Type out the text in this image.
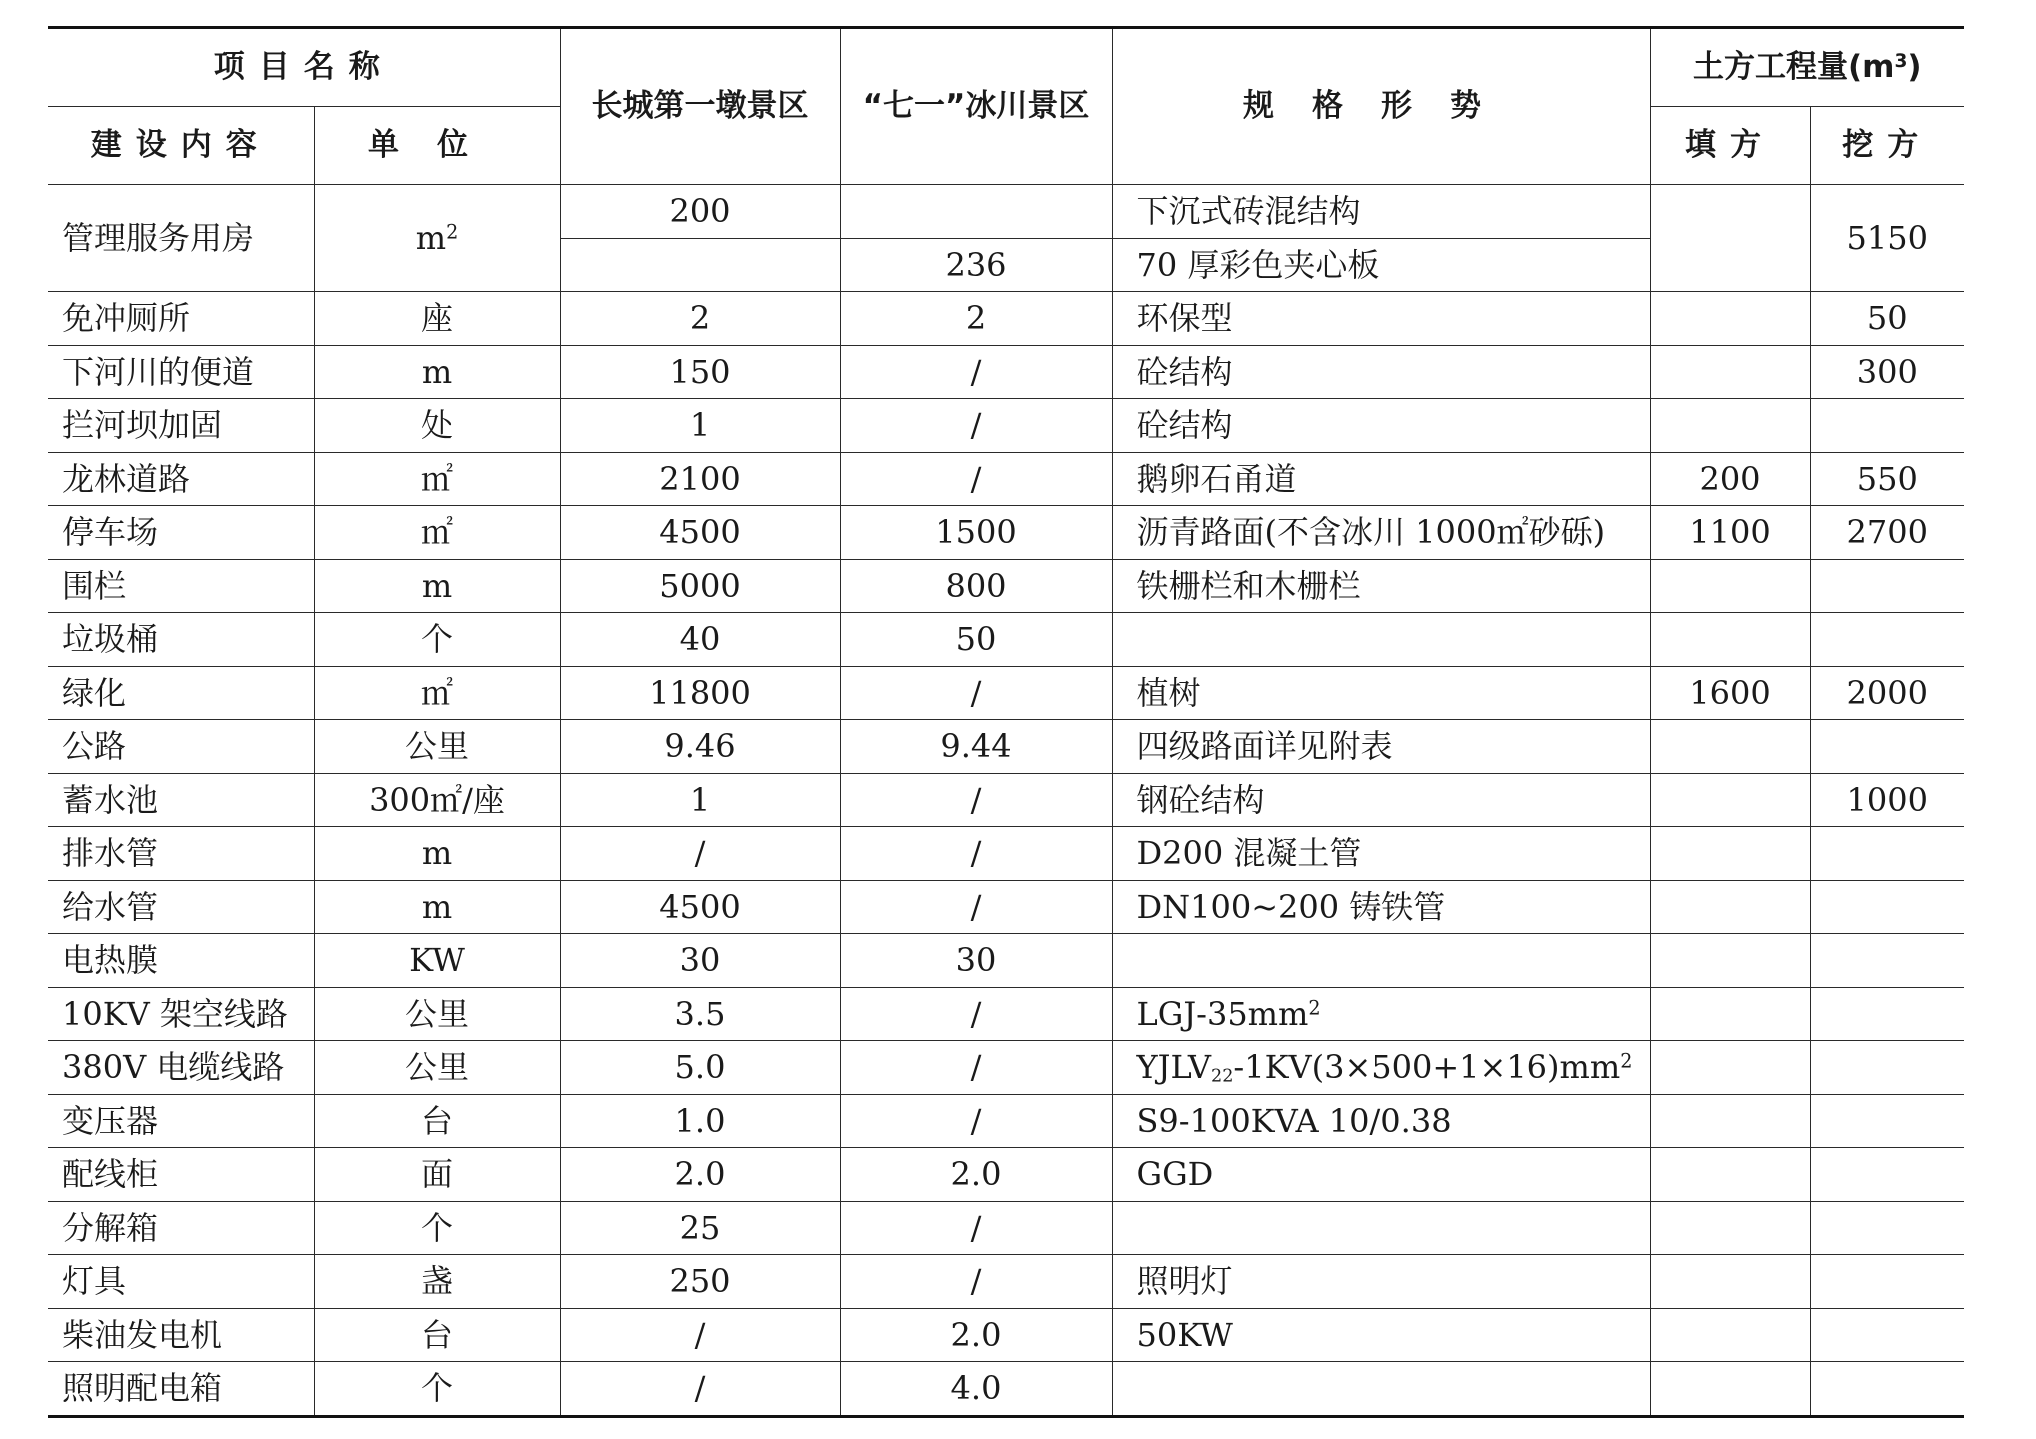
项目名称		长城第一墩景区	“七一”冰川景区	规格形势	土方工程量$(m^3)$	
建设内容	单位				填方	挖方
管理服务用房	$m^2$	200		下沉式砖混结构		5150
			236	70 厚彩色夹心板		
免冲厕所	座	2	2	环保型		50
下河川的便道	m	150	/	砼结构		300
拦河坝加固	处	1	/	砼结构		
龙林道路	㎡	2100	/	鹅卵石甬道	200	550
停车场	㎡	4500	1500	沥青路面(不含冰川 1000㎡砂砾)	1100	2700
围栏	m	5000	800	铁栅栏和木栅栏		
垃圾桶	个	40	50			
绿化	㎡	11800	/	植树	1600	2000
公路	公里	9.46	9.44	四级路面详见附表		
蓄水池	300㎡/座	1	/	钢砼结构		1000
排水管	m	/	/	D200 混凝土管		
给水管	m	4500	/	DN100~200 铸铁管		
电热膜	KW	30	30			
10KV 架空线路	公里	3.5	/	LGJ-$35mm^2$		
380V 电缆线路	公里	5.0	/	$YJLV_{22}-1KV(3\times 500+1\times 16)mm^2$		
变压器	台	1.0	/	S9-100KVA 10/0.38		
配线柜	面	2.0	2.0	GGD		
分解箱	个	25	/			
灯具	盏	250	/	照明灯		
柴油发电机	台	/	2.0	50KW		
照明配电箱	个	/	4.0			
